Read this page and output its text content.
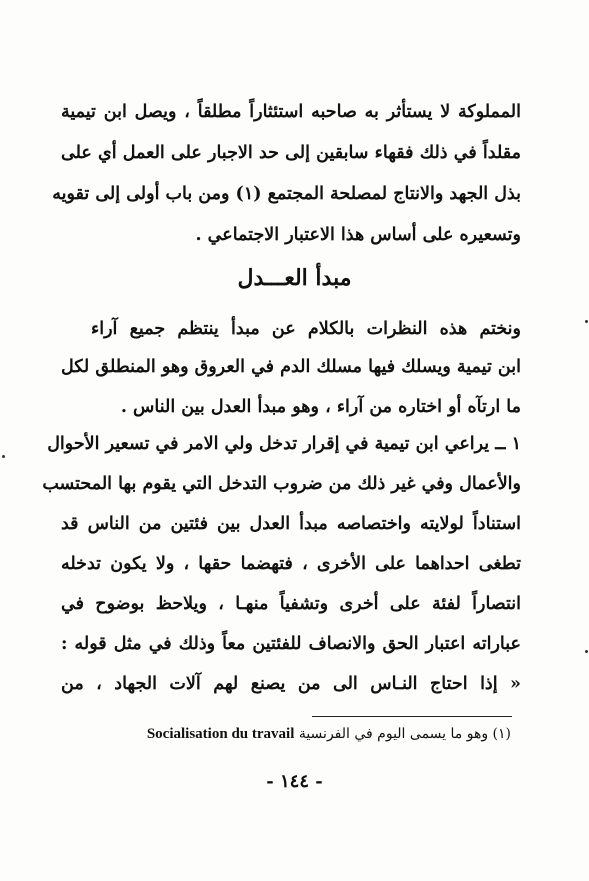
المملوكة لا يستأثر به صاحبه استئثاراً مطلقاً ، ويصل ابن تيمية
مقلداً في ذلك فقهاء سابقين إلى حد الاجبار على العمل أي على
بذل الجهد والانتاج لمصلحة المجتمع (١) ومن باب أولى إلى تقويه
وتسعيره على أساس هذا الاعتبار الاجتماعي .
مبدأ العـــدل
ونختم هذه النظرات بالكلام عن مبدأ ينتظم جميع آراء
ابن تيمية ويسلك فيها مسلك الدم في العروق وهو المنطلق لكل
ما ارتآه أو اختاره من آراء ، وهو مبدأ العدل بين الناس .
١ ــ يراعي ابن تيمية في إقرار تدخل ولي الامر في تسعير الأحوال
والأعمال وفي غير ذلك من ضروب التدخل التي يقوم بها المحتسب
استناداً لولايته واختصاصه مبدأ العدل بين فئتين من الناس قد
تطغى احداهما على الأخرى ، فتهضما حقها ، ولا يكون تدخله
انتصاراً لفئة على أخرى وتشفياً منهـا ، ويلاحظ بوضوح في
عباراته اعتبار الحق والانصاف للفئتين معاً وذلك في مثل قوله :
« إذا احتاج النـاس الى من يصنع لهم آلات الجهاد ، من
(١) وهو ما يسمى اليوم في الفرنسية Socialisation du travail
- ١٤٤ -
